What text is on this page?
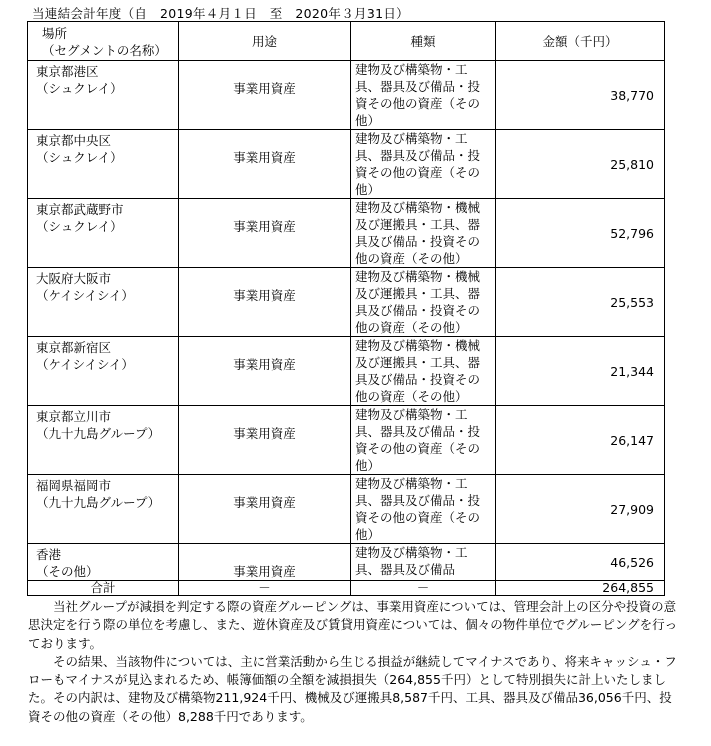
当連結会計年度（自　2019年４月１日　至　2020年３月31日）
場所
（セグメントの名称）	用途	種類	金額（千円）
東京都港区
（シュクレイ）	事業用資産	建物及び構築物・工具、器具及び備品・投資その他の資産（その他）	38,770
東京都中央区
（シュクレイ）	事業用資産	建物及び構築物・工具、器具及び備品・投資その他の資産（その他）	25,810
東京都武蔵野市
（シュクレイ）	事業用資産	建物及び構築物・機械及び運搬具・工具、器具及び備品・投資その他の資産（その他）	52,796
大阪府大阪市
（ケイシイシイ）	事業用資産	建物及び構築物・機械及び運搬具・工具、器具及び備品・投資その他の資産（その他）	25,553
東京都新宿区
（ケイシイシイ）	事業用資産	建物及び構築物・機械及び運搬具・工具、器具及び備品・投資その他の資産（その他）	21,344
東京都立川市
（九十九島グループ）	事業用資産	建物及び構築物・工具、器具及び備品・投資その他の資産（その他）	26,147
福岡県福岡市
（九十九島グループ）	事業用資産	建物及び構築物・工具、器具及び備品・投資その他の資産（その他）	27,909
香港
（その他）	事業用資産	建物及び構築物・工具、器具及び備品	46,526
合計	－	－	264,855

当社グループが減損を判定する際の資産グルーピングは、事業用資産については、管理会計上の区分や投資の意思決定を行う際の単位を考慮し、また、遊休資産及び賃貸用資産については、個々の物件単位でグルーピングを行っております。

その結果、当該物件については、主に営業活動から生じる損益が継続してマイナスであり、将来キャッシュ・フローもマイナスが見込まれるため、帳簿価額の全額を減損損失（264,855千円）として特別損失に計上いたしました。その内訳は、建物及び構築物211,924千円、機械及び運搬具8,587千円、工具、器具及び備品36,056千円、投資その他の資産（その他）8,288千円であります。
